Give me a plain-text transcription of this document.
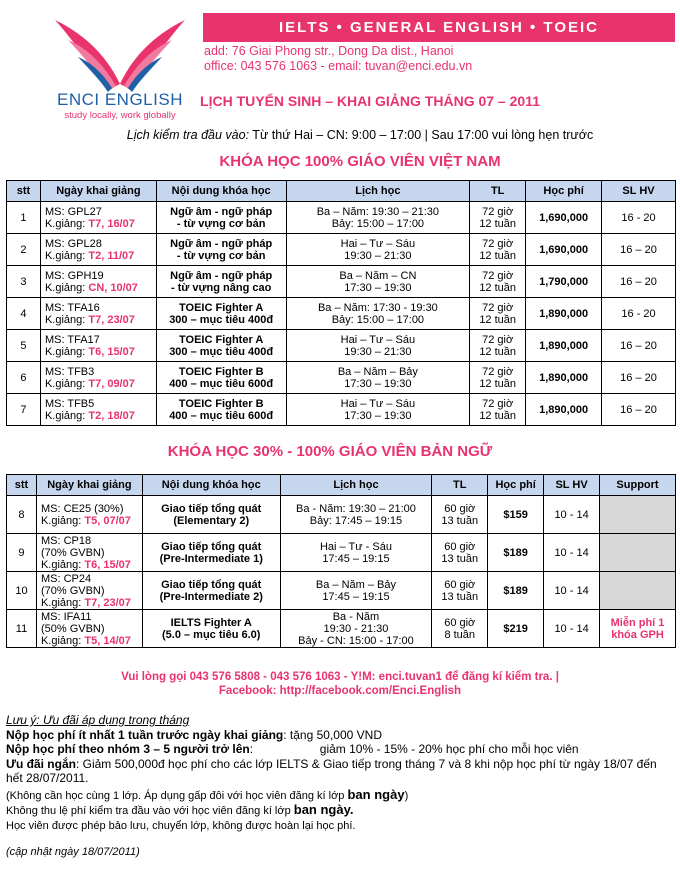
ENCI ENGLISH
study locally, work globally
IELTS • GENERAL ENGLISH • TOEIC
add: 76 Giai Phong str., Dong Da dist., Hanoi
office: 043 576 1063 - email: tuvan@enci.edu.vn
LỊCH TUYỂN SINH – KHAI GIẢNG THÁNG 07 – 2011
Lịch kiểm tra đầu vào: Từ thứ Hai – CN: 9:00 – 17:00 | Sau 17:00 vui lòng hẹn trước
KHÓA HỌC 100% GIÁO VIÊN VIỆT NAM
stt	Ngày khai giảng	Nội dung khóa học	Lịch học	TL	Học phí	SL HV
1	MS: GPL27
K.giảng: T7, 16/07	Ngữ âm - ngữ pháp
- từ vựng cơ bản	Ba – Năm: 19:30 – 21:30
Bảy: 15:00 – 17:00	72 giờ
12 tuần	1,690,000	16 - 20
2	MS: GPL28
K.giảng: T2, 11/07	Ngữ âm - ngữ pháp
- từ vựng cơ bản	Hai – Tư – Sáu
19:30 – 21:30	72 giờ
12 tuần	1,690,000	16 – 20
3	MS: GPH19
K.giảng: CN, 10/07	Ngữ âm - ngữ pháp
- từ vựng nâng cao	Ba – Năm – CN
17:30 – 19:30	72 giờ
12 tuần	1,790,000	16 – 20
4	MS: TFA16
K.giảng: T7, 23/07	TOEIC Fighter A
300 – mục tiêu 400đ	Ba – Năm: 17:30 - 19:30
Bảy: 15:00 – 17:00	72 giờ
12 tuần	1,890,000	16 - 20
5	MS: TFA17
K.giảng: T6, 15/07	TOEIC Fighter A
300 – mục tiêu 400đ	Hai – Tư – Sáu
19:30 – 21:30	72 giờ
12 tuần	1,890,000	16 – 20
6	MS: TFB3
K.giảng: T7, 09/07	TOEIC Fighter B
400 – mục tiêu 600đ	Ba – Năm – Bảy
17:30 – 19:30	72 giờ
12 tuần	1,890,000	16 – 20
7	MS: TFB5
K.giảng: T2, 18/07	TOEIC Fighter B
400 – mục tiêu 600đ	Hai – Tư – Sáu
17:30 – 19:30	72 giờ
12 tuần	1,890,000	16 – 20
KHÓA HỌC 30% - 100% GIÁO VIÊN BẢN NGỮ
stt	Ngày khai giảng	Nội dung khóa học	Lịch học	TL	Học phí	SL HV	Support
8	MS: CE25 (30%)
K.giảng: T5, 07/07	Giao tiếp tổng quát
(Elementary 2)	Ba - Năm: 19:30 – 21:00
Bảy: 17:45 – 19:15	60 giờ
13 tuần	$159	10 - 14	
9	MS: CP18
(70% GVBN)
K.giảng: T6, 15/07	Giao tiếp tổng quát
(Pre-Intermediate 1)	Hai – Tư - Sáu
17:45 – 19:15	60 giờ
13 tuần	$189	10 - 14	
10	MS: CP24
(70% GVBN)
K.giảng: T7, 23/07	Giao tiếp tổng quát
(Pre-Intermediate 2)	Ba – Năm – Bảy
17:45 – 19:15	60 giờ
13 tuần	$189	10 - 14	
11	MS: IFA11
(50% GVBN)
K.giảng: T5, 14/07	IELTS Fighter A
(5.0 – mục tiêu 6.0)	Ba - Năm
19:30 - 21:30
Bảy - CN: 15:00 - 17:00	60 giờ
8 tuần	$219	10 - 14	Miễn phí 1 khóa GPH
Vui lòng gọi 043 576 5808 - 043 576 1063 - Y!M: enci.tuvan1 để đăng kí kiểm tra. |
Facebook: http://facebook.com/Enci.English
Lưu ý: Ưu đãi áp dụng trong tháng
Nộp học phí ít nhất 1 tuần trước ngày khai giảng: tặng 50,000 VND
Nộp học phí theo nhóm 3 – 5 người trở lên:                    giảm 10% - 15% - 20% học phí cho mỗi học viên
Ưu đãi ngắn: Giảm 500,000đ học phí cho các lớp IELTS & Giao tiếp trong tháng 7 và 8 khi nộp học phí từ ngày 18/07 đến hết 28/07/2011.
(Không cần học cùng 1 lớp. Áp dụng gấp đôi với học viên đăng kí lớp ban ngày)
Không thu lệ phí kiểm tra đầu vào với học viên đăng kí lớp ban ngày.
Học viên được phép bảo lưu, chuyển lớp, không được hoàn lại học phí.
(cập nhật ngày 18/07/2011)
